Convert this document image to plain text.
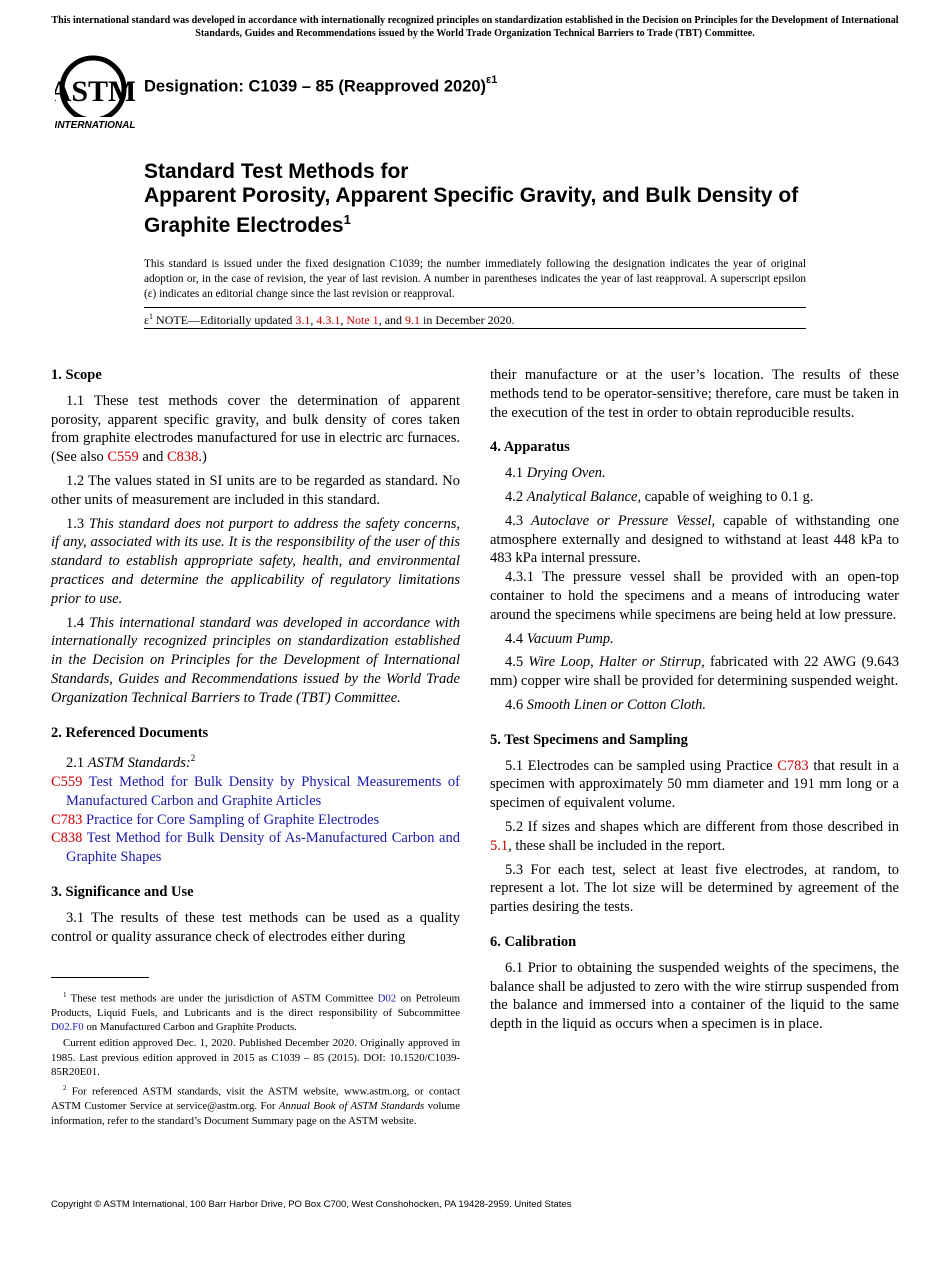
This international standard was developed in accordance with internationally recognized principles on standardization established in the Decision on Principles for the Development of International Standards, Guides and Recommendations issued by the World Trade Organization Technical Barriers to Trade (TBT) Committee.
ASTM
INTERNATIONAL
Designation: C1039 – 85 (Reapproved 2020)$^{\varepsilon 1}$
Standard Test Methods for
Apparent Porosity, Apparent Specific Gravity, and Bulk Density of Graphite Electrodes$^1$
This standard is issued under the fixed designation C1039; the number immediately following the designation indicates the year of original adoption or, in the case of revision, the year of last revision. A number in parentheses indicates the year of last reapproval. A superscript epsilon (ε) indicates an editorial change since the last revision or reapproval.
$\varepsilon^1$ NOTE—Editorially updated 3.1, 4.3.1, Note 1, and 9.1 in December 2020.
1. Scope

1.1 These test methods cover the determination of apparent porosity, apparent specific gravity, and bulk density of cores taken from graphite electrodes manufactured for use in electric arc furnaces. (See also C559 and C838.)

1.2 The values stated in SI units are to be regarded as standard. No other units of measurement are included in this standard.

1.3 This standard does not purport to address the safety concerns, if any, associated with its use. It is the responsibility of the user of this standard to establish appropriate safety, health, and environmental practices and determine the applicability of regulatory limitations prior to use.

1.4 This international standard was developed in accordance with internationally recognized principles on standardization established in the Decision on Principles for the Development of International Standards, Guides and Recommendations issued by the World Trade Organization Technical Barriers to Trade (TBT) Committee.

2. Referenced Documents

2.1 ASTM Standards:$^2$

C559 Test Method for Bulk Density by Physical Measurements of Manufactured Carbon and Graphite Articles
C783 Practice for Core Sampling of Graphite Electrodes
C838 Test Method for Bulk Density of As-Manufactured Carbon and Graphite Shapes
3. Significance and Use

3.1 The results of these test methods can be used as a quality control or quality assurance check of electrodes either during

$^1$ These test methods are under the jurisdiction of ASTM Committee D02 on Petroleum Products, Liquid Fuels, and Lubricants and is the direct responsibility of Subcommittee D02.F0 on Manufactured Carbon and Graphite Products.

Current edition approved Dec. 1, 2020. Published December 2020. Originally approved in 1985. Last previous edition approved in 2015 as C1039 – 85 (2015). DOI: 10.1520/C1039-85R20E01.

$^2$ For referenced ASTM standards, visit the ASTM website, www.astm.org, or contact ASTM Customer Service at service@astm.org. For Annual Book of ASTM Standards volume information, refer to the standard’s Document Summary page on the ASTM website.

their manufacture or at the user’s location. The results of these methods tend to be operator-sensitive; therefore, care must be taken in the execution of the test in order to obtain reproducible results.

4. Apparatus

4.1 Drying Oven.

4.2 Analytical Balance, capable of weighing to 0.1 g.

4.3 Autoclave or Pressure Vessel, capable of withstanding one atmosphere externally and designed to withstand at least 448 kPa to 483 kPa internal pressure.

4.3.1 The pressure vessel shall be provided with an open-top container to hold the specimens and a means of introducing water around the specimens while specimens are being held at low pressure.

4.4 Vacuum Pump.

4.5 Wire Loop, Halter or Stirrup, fabricated with 22 AWG (9.643 mm) copper wire shall be provided for determining suspended weight.

4.6 Smooth Linen or Cotton Cloth.

5. Test Specimens and Sampling

5.1 Electrodes can be sampled using Practice C783 that result in a specimen with approximately 50 mm diameter and 191 mm long or a specimen of equivalent volume.

5.2 If sizes and shapes which are different from those described in 5.1, these shall be included in the report.

5.3 For each test, select at least five electrodes, at random, to represent a lot. The lot size will be determined by agreement of the parties desiring the tests.

6. Calibration

6.1 Prior to obtaining the suspended weights of the specimens, the balance shall be adjusted to zero with the wire stirrup suspended from the balance and immersed into a container of the liquid to the same depth in the liquid as occurs when a specimen is in place.

Copyright © ASTM International, 100 Barr Harbor Drive, PO Box C700, West Conshohocken, PA 19428-2959. United States
